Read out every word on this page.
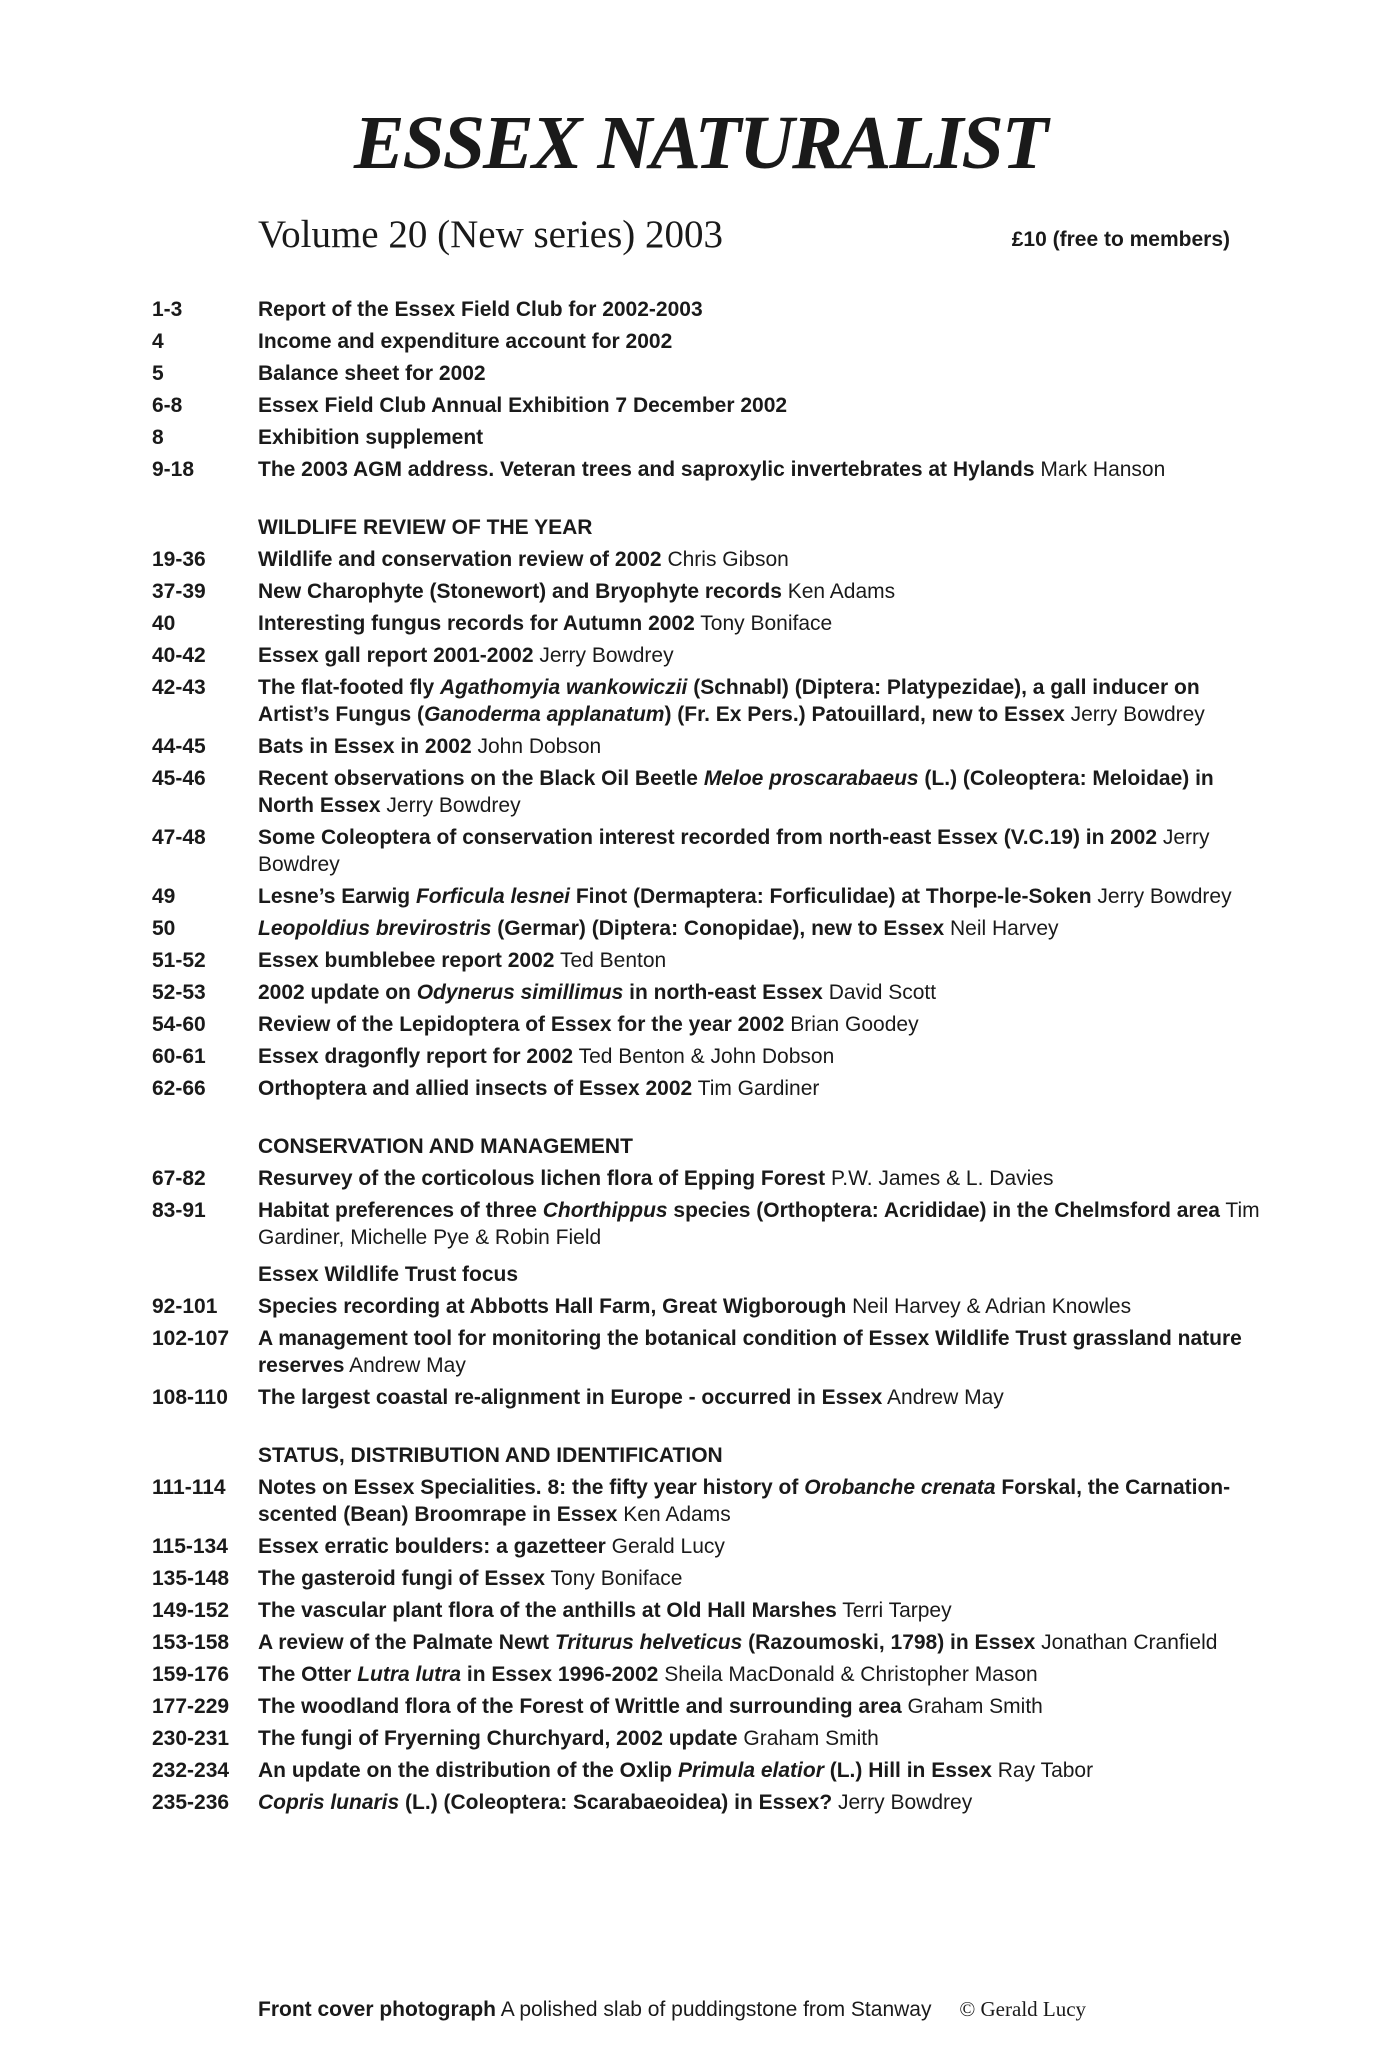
ESSEX NATURALIST
Volume 20 (New series) 2003	£10 (free to members)
1-3	Report of the Essex Field Club for 2002-2003
4	Income and expenditure account for 2002
5	Balance sheet for 2002
6-8	Essex Field Club Annual Exhibition 7 December 2002
8	Exhibition supplement
9-18	The 2003 AGM address. Veteran trees and saproxylic invertebrates at Hylands Mark Hanson
WILDLIFE REVIEW OF THE YEAR
19-36	Wildlife and conservation review of 2002 Chris Gibson
37-39	New Charophyte (Stonewort) and Bryophyte records Ken Adams
40	Interesting fungus records for Autumn 2002 Tony Boniface
40-42	Essex gall report 2001-2002 Jerry Bowdrey
42-43	The flat-footed fly Agathomyia wankowiczii (Schnabl) (Diptera: Platypezidae), a gall inducer on Artist’s Fungus (Ganoderma applanatum) (Fr. Ex Pers.) Patouillard, new to Essex Jerry Bowdrey
44-45	Bats in Essex in 2002 John Dobson
45-46	Recent observations on the Black Oil Beetle Meloe proscarabaeus (L.) (Coleoptera: Meloidae) in North Essex Jerry Bowdrey
47-48	Some Coleoptera of conservation interest recorded from north-east Essex (V.C.19) in 2002 Jerry Bowdrey
49	Lesne’s Earwig Forficula lesnei Finot (Dermaptera: Forficulidae) at Thorpe-le-Soken Jerry Bowdrey
50	Leopoldius brevirostris (Germar) (Diptera: Conopidae), new to Essex Neil Harvey
51-52	Essex bumblebee report 2002 Ted Benton
52-53	2002 update on Odynerus simillimus in north-east Essex David Scott
54-60	Review of the Lepidoptera of Essex for the year 2002 Brian Goodey
60-61	Essex dragonfly report for 2002 Ted Benton & John Dobson
62-66	Orthoptera and allied insects of Essex 2002 Tim Gardiner
CONSERVATION AND MANAGEMENT
67-82	Resurvey of the corticolous lichen flora of Epping Forest P.W. James & L. Davies
83-91	Habitat preferences of three Chorthippus species (Orthoptera: Acrididae) in the Chelmsford area Tim Gardiner, Michelle Pye & Robin Field
Essex Wildlife Trust focus
92-101	Species recording at Abbotts Hall Farm, Great Wigborough Neil Harvey & Adrian Knowles
102-107	A management tool for monitoring the botanical condition of Essex Wildlife Trust grassland nature reserves Andrew May
108-110	The largest coastal re-alignment in Europe - occurred in Essex Andrew May
STATUS, DISTRIBUTION AND IDENTIFICATION
111-114	Notes on Essex Specialities. 8: the fifty year history of Orobanche crenata Forskal, the Carnation-scented (Bean) Broomrape in Essex Ken Adams
115-134	Essex erratic boulders: a gazetteer Gerald Lucy
135-148	The gasteroid fungi of Essex Tony Boniface
149-152	The vascular plant flora of the anthills at Old Hall Marshes Terri Tarpey
153-158	A review of the Palmate Newt Triturus helveticus (Razoumoski, 1798) in Essex Jonathan Cranfield
159-176	The Otter Lutra lutra in Essex 1996-2002 Sheila MacDonald & Christopher Mason
177-229	The woodland flora of the Forest of Writtle and surrounding area Graham Smith
230-231	The fungi of Fryerning Churchyard, 2002 update Graham Smith
232-234	An update on the distribution of the Oxlip Primula elatior (L.) Hill in Essex Ray Tabor
235-236	Copris lunaris (L.) (Coleoptera: Scarabaeoidea) in Essex? Jerry Bowdrey
Front cover photograph A polished slab of puddingstone from Stanway © Gerald Lucy
